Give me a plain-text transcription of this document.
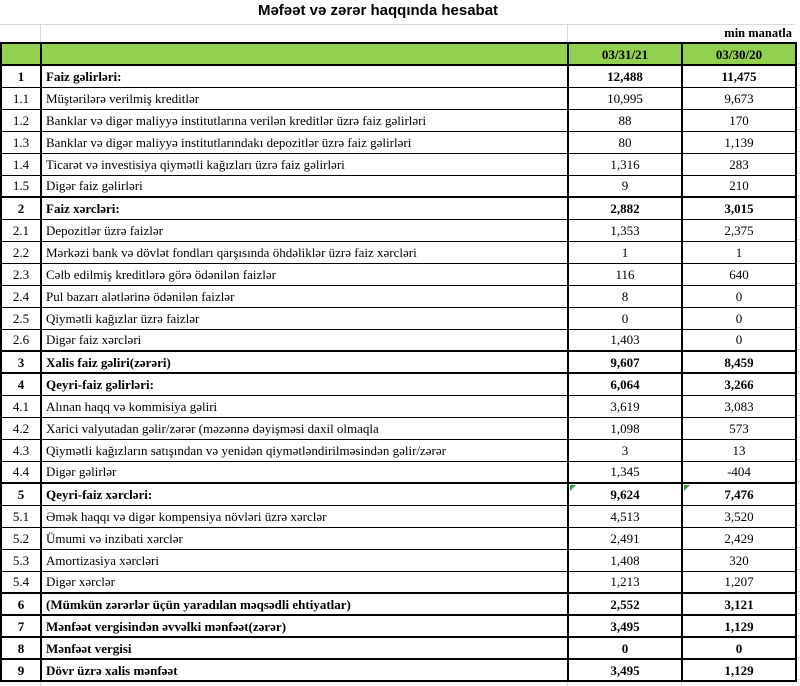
Məfəət və zərər haqqında hesabat
min manatla
		03/31/21	03/30/20
1	Faiz gəlirləri:	12,488	11,475
1.1	Müştərilərə verilmiş kreditlər	10,995	9,673
1.2	Banklar və digər maliyyə institutlarına verilən kreditlər üzrə faiz gəlirləri	88	170
1.3	Banklar və digər maliyyə institutlarındakı depozitlər üzrə faiz gəlirləri	80	1,139
1.4	Ticarət və investisiya qiymətli kağızları üzrə faiz gəlirləri	1,316	283
1.5	Digər faiz gəlirləri	9	210
2	Faiz xərcləri:	2,882	3,015
2.1	Depozitlər üzrə faizlər	1,353	2,375
2.2	Mərkəzi bank və dövlət fondları qarşısında öhdəliklər üzrə faiz xərcləri	1	1
2.3	Cəlb edilmiş kreditlərə görə ödənilən faizlər	116	640
2.4	Pul bazarı alətlərinə ödənilən faizlər	8	0
2.5	Qiymətli kağızlar üzrə faizlər	0	0
2.6	Digər faiz xərcləri	1,403	0
3	Xalis faiz gəliri(zərəri)	9,607	8,459
4	Qeyri-faiz gəlirləri:	6,064	3,266
4.1	Alınan haqq və kommisiya gəliri	3,619	3,083
4.2	Xarici valyutadan gəlir/zərər (məzənnə dəyişməsi daxil olmaqla	1,098	573
4.3	Qiymətli kağızların satışından və yenidən qiymətləndirilməsindən gəlir/zərər	3	13
4.4	Digər gəlirlər	1,345	-404
5	Qeyri-faiz xərcləri:	9,624	7,476
5.1	Əmək haqqı və digər kompensiya növləri üzrə xərclər	4,513	3,520
5.2	Ümumi və inzibati xərclər	2,491	2,429
5.3	Amortizasiya xərcləri	1,408	320
5.4	Digər xərclər	1,213	1,207
6	(Mümkün zərərlər üçün yaradılan məqsədli ehtiyatlar)	2,552	3,121
7	Mənfəət vergisindən əvvəlki mənfəət(zərər)	3,495	1,129
8	Mənfəət vergisi	0	0
9	Dövr üzrə xalis mənfəət	3,495	1,129
